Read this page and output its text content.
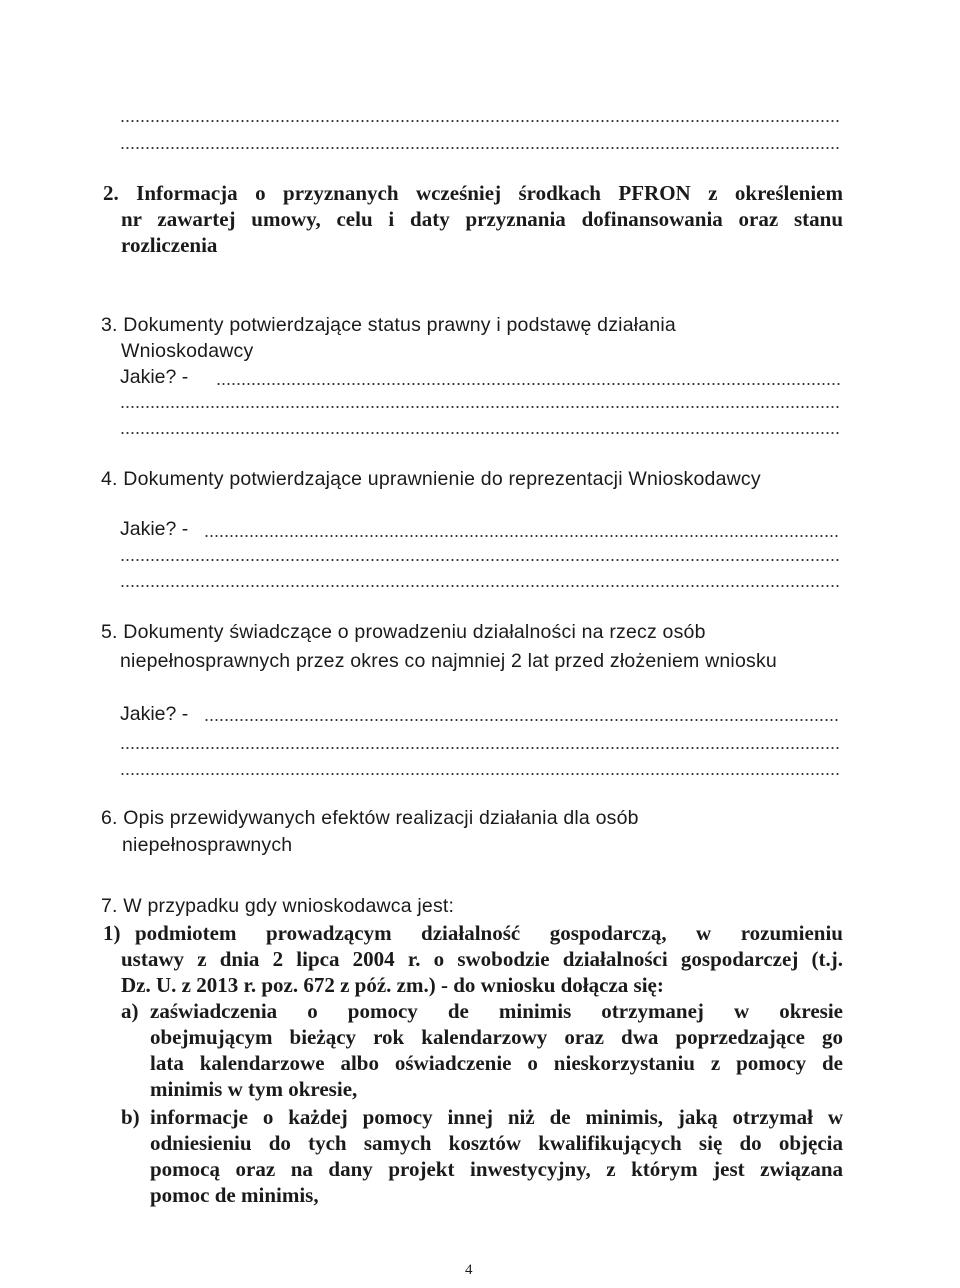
2. Informacja o przyznanych wcześniej środkach PFRON z określeniem
nr zawartej umowy, celu i daty przyznania dofinansowania oraz stanu
rozliczenia
3. Dokumenty potwierdzające status prawny i podstawę działania
Wnioskodawcy
Jakie? -
4. Dokumenty potwierdzające uprawnienie do reprezentacji Wnioskodawcy
Jakie? -
5. Dokumenty świadczące o prowadzeniu działalności na rzecz osób
niepełnosprawnych przez okres co najmniej 2 lat przed złożeniem wniosku
Jakie? -
6. Opis przewidywanych efektów realizacji działania dla osób
niepełnosprawnych
7. W przypadku gdy wnioskodawca jest:
1) podmiotem prowadzącym działalność gospodarczą, w rozumieniu
ustawy z dnia 2 lipca 2004 r. o swobodzie działalności gospodarczej (t.j.
Dz. U. z 2013 r. poz. 672 z póź. zm.) - do wniosku dołącza się:
a) zaświadczenia o pomocy de minimis otrzymanej w okresie
obejmującym bieżący rok kalendarzowy oraz dwa poprzedzające go
lata kalendarzowe albo oświadczenie o nieskorzystaniu z pomocy de
minimis w tym okresie,
b) informacje o każdej pomocy innej niż de minimis, jaką otrzymał w
odniesieniu do tych samych kosztów kwalifikujących się do objęcia
pomocą oraz na dany projekt inwestycyjny, z którym jest związana
pomoc de minimis,
4
